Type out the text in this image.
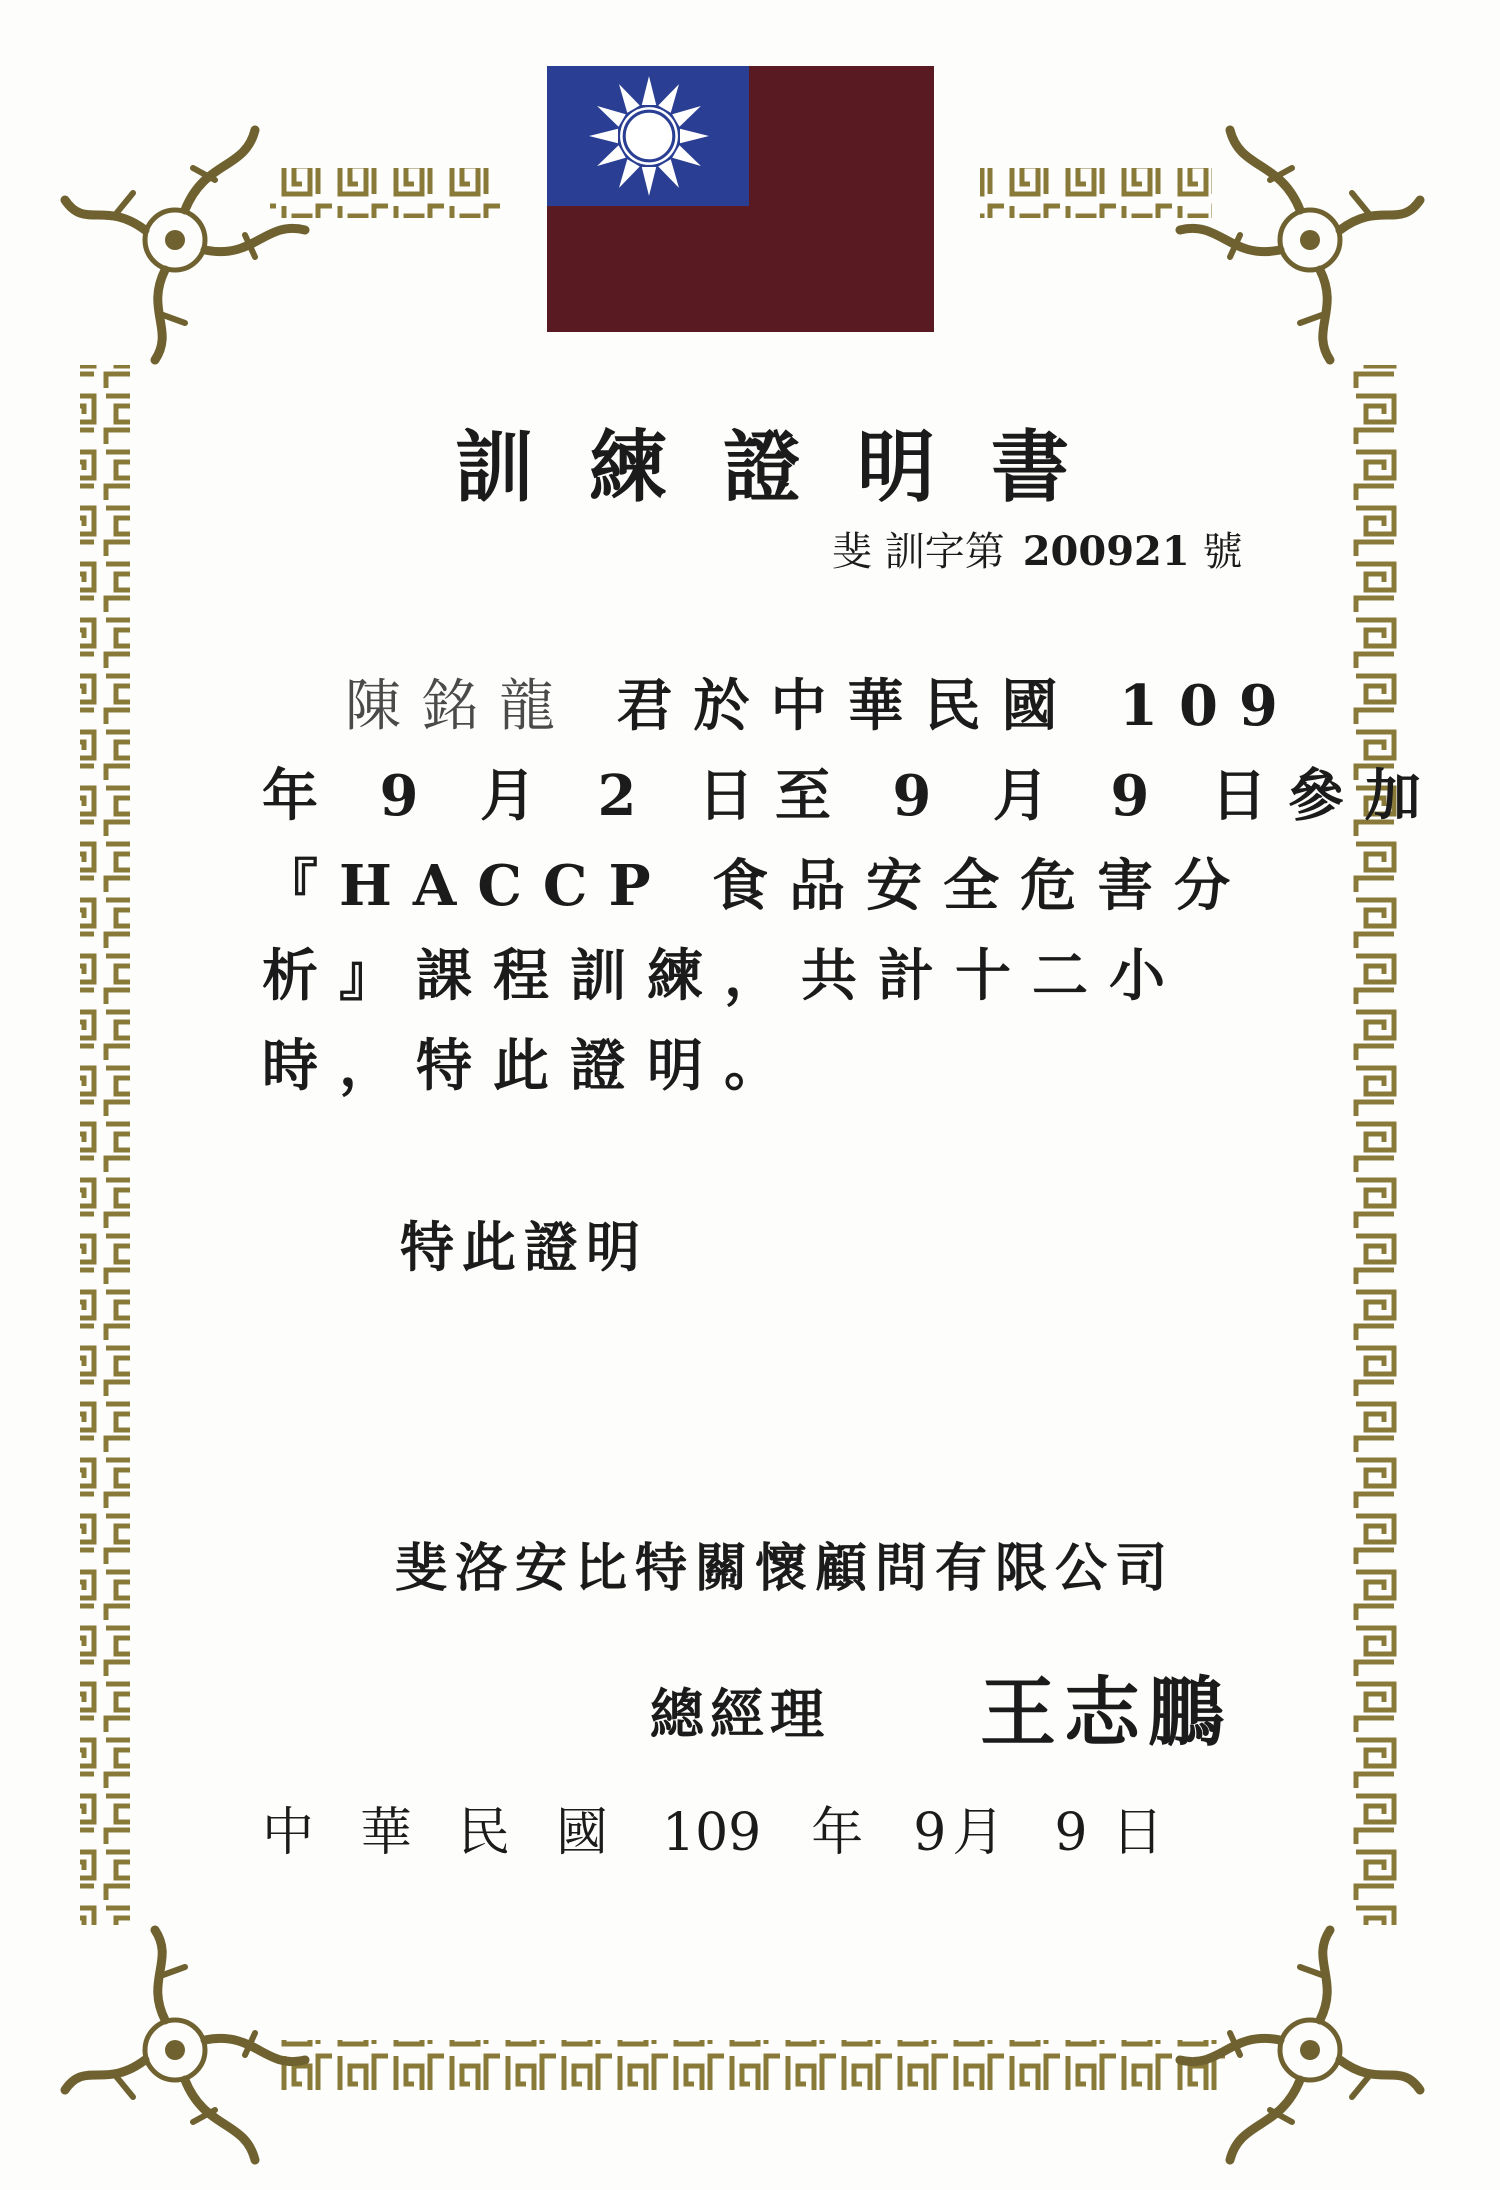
訓練證明書
斐 訓字第 200921 號
陳銘龍 君於中華民國 109
年 9 月 2 日至 9 月 9 日參加
『HACCP 食品安全危害分
析』課程訓練，共計十二小
時，特此證明。
特此證明
斐洛安比特關懷顧問有限公司
總經理 王志鵬
中華民國 109 年 9 月 9 日
